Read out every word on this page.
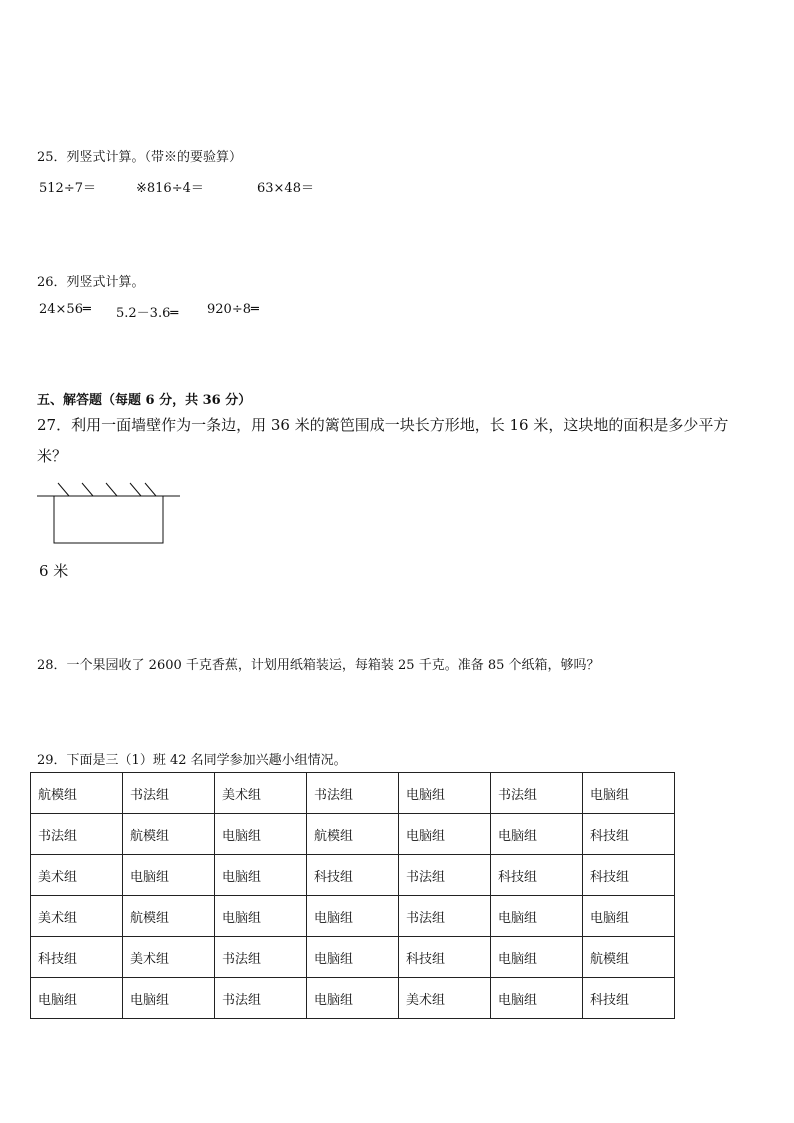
25．列竖式计算。（带※的要验算）
512÷7＝	※816÷4＝	63×48＝
26．列竖式计算。
24×56═ 5.2－3.6═ 920÷8═
五、解答题（每题 6 分，共 36 分）
27．利用一面墙壁作为一条边，用 36 米的篱笆围成一块长方形地，长 16 米，这块地的面积是多少平方
米？
6 米
28．一个果园收了 2600 千克香蕉，计划用纸箱装运，每箱装 25 千克。准备 85 个纸箱，够吗？
29．下面是三（1）班 42 名同学参加兴趣小组情况。
航模组	书法组	美术组	书法组	电脑组	书法组	电脑组
书法组	航模组	电脑组	航模组	电脑组	电脑组	科技组
美术组	电脑组	电脑组	科技组	书法组	科技组	科技组
美术组	航模组	电脑组	电脑组	书法组	电脑组	电脑组
科技组	美术组	书法组	电脑组	科技组	电脑组	航模组
电脑组	电脑组	书法组	电脑组	美术组	电脑组	科技组
